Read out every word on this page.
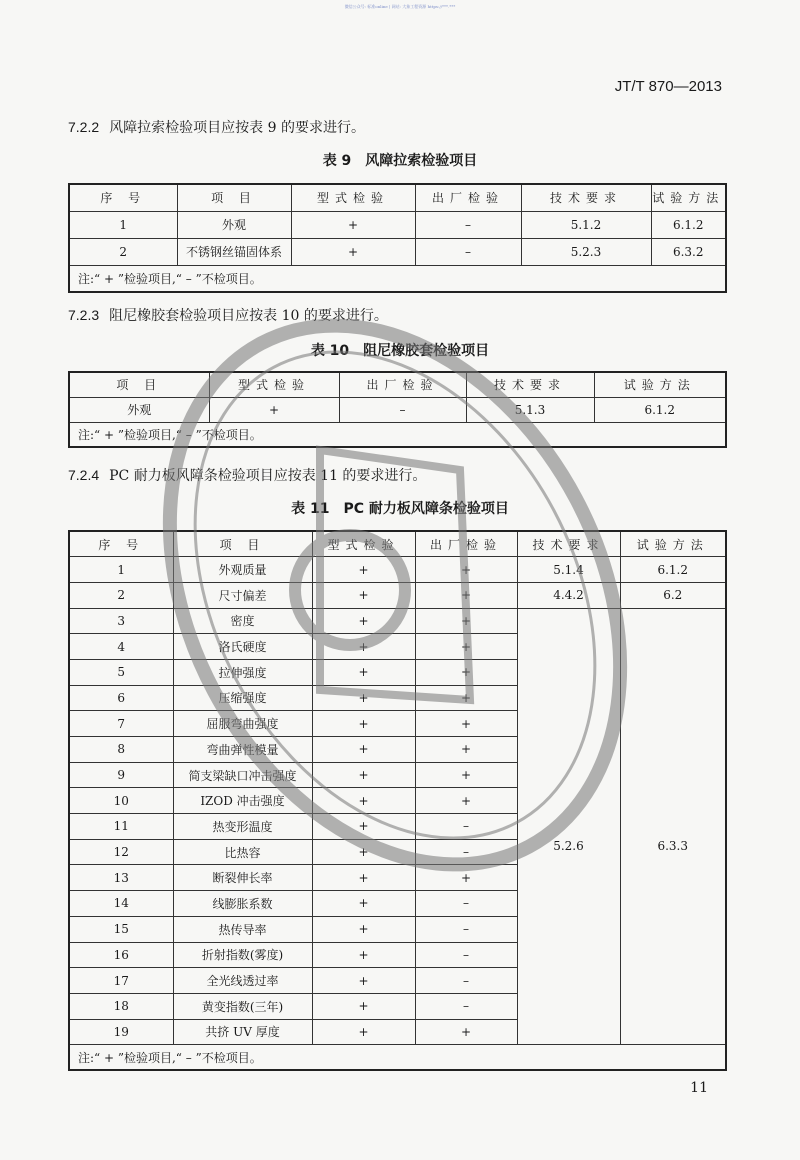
微信公众号: 标准online | 网站: 大象工程资源 https://***.***
JT/T 870—2013
7.2.2 风障拉索检验项目应按表 9 的要求进行。
表 9　风障拉索检验项目
序 号	项 目	型式检验	出厂检验	技术要求	试验方法
1	外观	+	–	5.1.2	6.1.2
2	不锈钢丝锚固体系	+	–	5.2.3	6.3.2
注:“ + ”检验项目,“ – ”不检项目。					
7.2.3 阻尼橡胶套检验项目应按表 10 的要求进行。
表 10　阻尼橡胶套检验项目
项 目	型式检验	出厂检验	技术要求	试验方法
外观	+	–	5.1.3	6.1.2
注:“ + ”检验项目,“ – ”不检项目。				
7.2.4 PC 耐力板风障条检验项目应按表 11 的要求进行。
表 11　PC 耐力板风障条检验项目
序 号	项 目	型式检验	出厂检验	技术要求	试验方法
1	外观质量	+	+	5.1.4	6.1.2
2	尺寸偏差	+	+	4.4.2	6.2
3	密度	+	+	5.2.6	6.3.3
4	洛氏硬度	+	+		
5	拉伸强度	+	+		
6	压缩强度	+	+		
7	屈服弯曲强度	+	+		
8	弯曲弹性模量	+	+		
9	简支梁缺口冲击强度	+	+		
10	IZOD 冲击强度	+	+		
11	热变形温度	+	–		
12	比热容	+	–		
13	断裂伸长率	+	+		
14	线膨胀系数	+	–		
15	热传导率	+	–		
16	折射指数(雾度)	+	–		
17	全光线透过率	+	–		
18	黄变指数(三年)	+	–		
19	共挤 UV 厚度	+	+		
注:“ + ”检验项目,“ – ”不检项目。					
11
